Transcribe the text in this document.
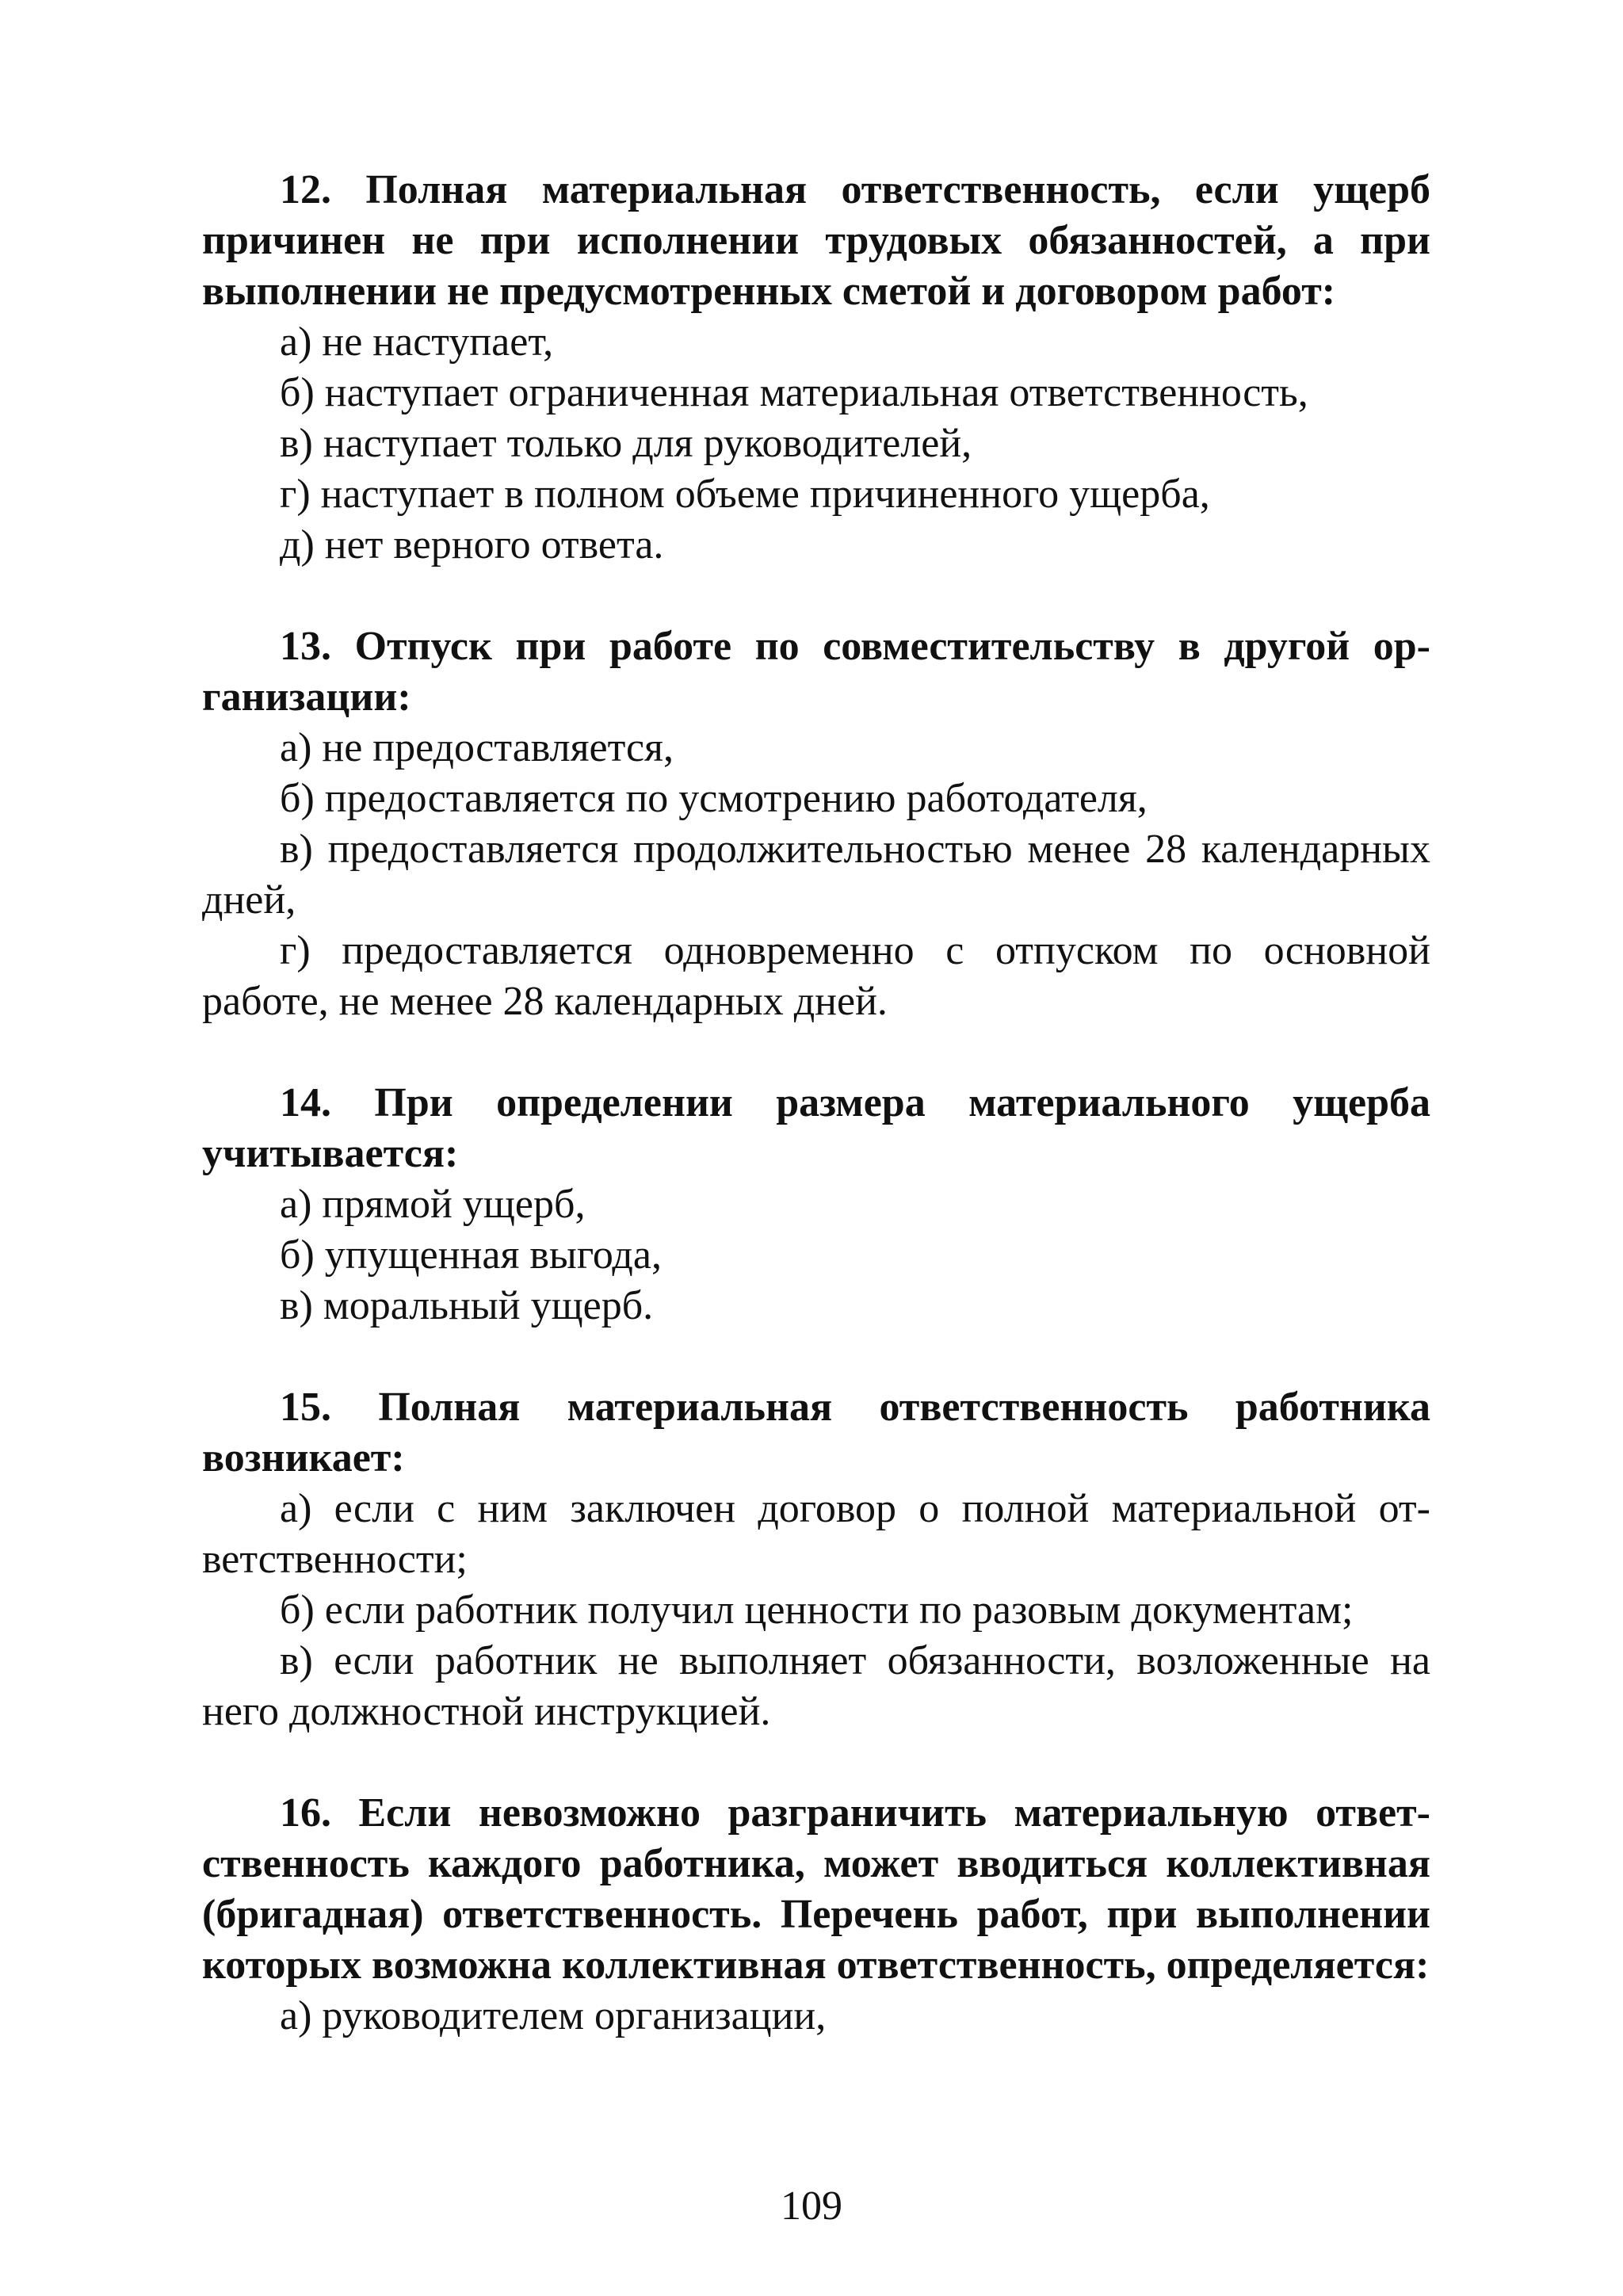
12. Полная материальная ответственность, если ущерб причинен не при исполнении трудовых обязанностей, а при выполнении не предусмотренных сметой и договором работ:

а) не наступает,
б) наступает ограниченная материальная ответственность,
в) наступает только для руководителей,
г) наступает в полном объеме причиненного ущерба,
д) нет верного ответа.

13. Отпуск при работе по совместительству в другой организации:

а) не предоставляется,
б) предоставляется по усмотрению работодателя,
в) предоставляется продолжительностью менее 28 календарных дней,
г) предоставляется одновременно с отпуском по основной работе, не менее 28 календарных дней.

14. При определении размера материального ущерба учитывается:

а) прямой ущерб,
б) упущенная выгода,
в) моральный ущерб.

15. Полная материальная ответственность работника возникает:

а) если с ним заключен договор о полной материальной ответственности;
б) если работник получил ценности по разовым документам;
в) если работник не выполняет обязанности, возложенные на него должностной инструкцией.

16. Если невозможно разграничить материальную ответственность каждого работника, может вводиться коллективная (бригадная) ответственность. Перечень работ, при выполнении которых возможна коллективная ответственность, определяется:

а) руководителем организации,
109
